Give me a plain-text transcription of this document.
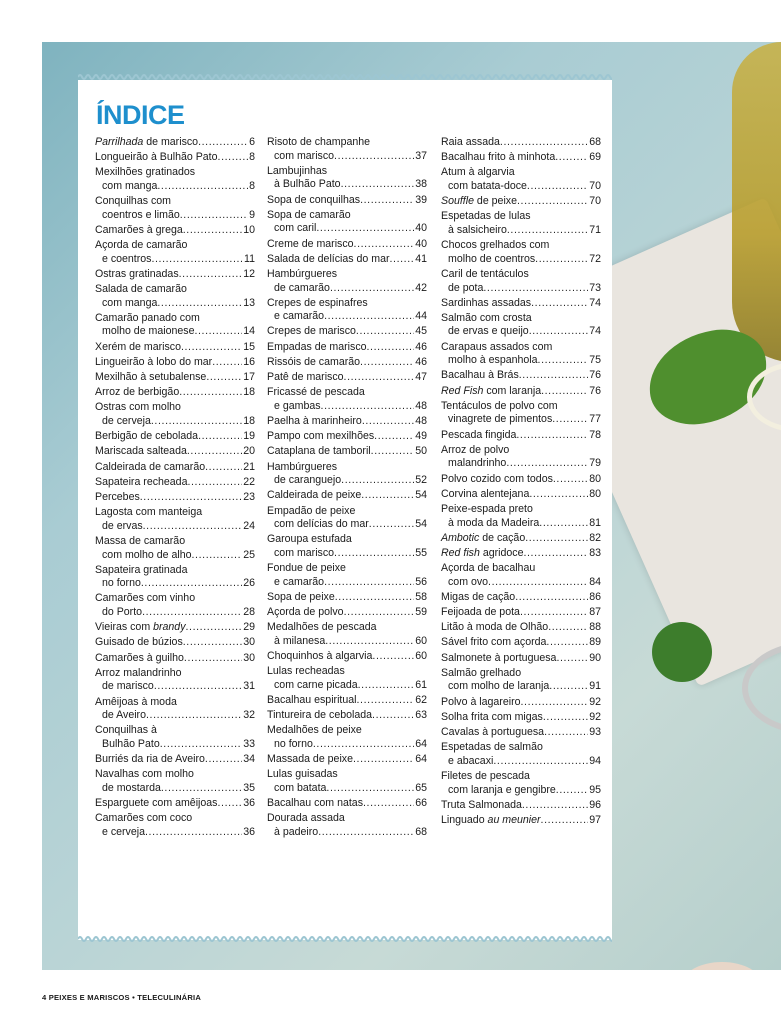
ÍNDICE
Parrilhada de marisco .....	6
Longueirão à Bulhão Pato .....	8
Mexilhões gratinados
com manga .....	8
Conquilhas com
coentros e limão .....	9
Camarões à grega .....	10
Açorda de camarão
e coentros .....	11
Ostras gratinadas .....	12
Salada de camarão
com manga .....	13
Camarão panado com
molho de maionese .....	14
Xerém de marisco .....	15
Lingueirão à lobo do mar .....	16
Mexilhão à setubalense .....	17
Arroz de berbigão .....	18
Ostras com molho
de cerveja .....	18
Berbigão de cebolada .....	19
Mariscada salteada .....	20
Caldeirada de camarão .....	21
Sapateira recheada .....	22
Percebes .....	23
Lagosta com manteiga
de ervas .....	24
Massa de camarão
com molho de alho .....	25
Sapateira gratinada
no forno .....	26
Camarões com vinho
do Porto .....	28
Vieiras com brandy .....	29
Guisado de búzios .....	30
Camarões à guilho .....	30
Arroz malandrinho
de marisco .....	31
Amêijoas à moda
de Aveiro .....	32
Conquilhas à
Bulhão Pato .....	33
Burriés da ria de Aveiro .....	34
Navalhas com molho
de mostarda .....	35
Esparguete com amêijoas ..... 36
Camarões com coco
e cerveja .....	36
Risoto de champanhe
com marisco .....	37
Lambujinhas
à Bulhão Pato .....	38
Sopa de conquilhas .....	39
Sopa de camarão
com caril .....	40
Creme de marisco .....	40
Salada de delícias do mar ..... 41
Hambúrgueres
de camarão .....	42
Crepes de espinafres
e camarão .....	44
Crepes de marisco .....	45
Empadas de marisco .....	46
Rissóis de camarão .....	46
Patê de marisco .....	47
Fricassé de pescada
e gambas .....	48
Paelha à marinheiro .....	48
Pampo com mexilhões .....	49
Cataplana de tamboril .....	50
Hambúrgueres
de caranguejo .....	52
Caldeirada de peixe .....	54
Empadão de peixe
com delícias do mar .....	54
Garoupa estufada
com marisco .....	55
Fondue de peixe
e camarão .....	56
Sopa de peixe .....	58
Açorda de polvo .....	59
Medalhões de pescada
à milanesa .....	60
Choquinhos à algarvia .....	60
Lulas recheadas
com carne picada .....	61
Bacalhau espiritual .....	62
Tintureira de cebolada .....	63
Medalhões de peixe
no forno .....	64
Massada de peixe .....	64
Lulas guisadas
com batata .....	65
Bacalhau com natas .....	66
Dourada assada
à padeiro .....	68
Raia assada .....	68
Bacalhau frito à minhota .....	69
Atum à algarvia
com batata-doce .....	70
Souffle de peixe .....	70
Espetadas de lulas
à salsicheiro .....	71
Chocos grelhados com
molho de coentros .....	72
Caril de tentáculos
de pota .....	73
Sardinhas assadas .....	74
Salmão com crosta
de ervas e queijo .....	74
Carapaus assados com
molho à espanhola .....	75
Bacalhau à Brás .....	76
Red Fish com laranja .....	76
Tentáculos de polvo com
vinagrete de pimentos .....	77
Pescada fingida .....	78
Arroz de polvo
malandrinho .....	79
Polvo cozido com todos .....	80
Corvina alentejana .....	80
Peixe-espada preto
à moda da Madeira .....	81
Ambotic de cação .....	82
Red fish agridoce .....	83
Açorda de bacalhau
com ovo .....	84
Migas de cação .....	86
Feijoada de pota .....	87
Litão à moda de Olhão .....	88
Sável frito com açorda .....	89
Salmonete à portuguesa .....	90
Salmão grelhado
com molho de laranja .....	91
Polvo à lagareiro .....	92
Solha frita com migas .....	92
Cavalas à portuguesa .....	93
Espetadas de salmão
e abacaxi .....	94
Filetes de pescada
com laranja e gengibre .....	95
Truta Salmonada .....	96
Linguado au meunier .....	97
4 PEIXES E MARISCOS • TELECULINÁRIA
